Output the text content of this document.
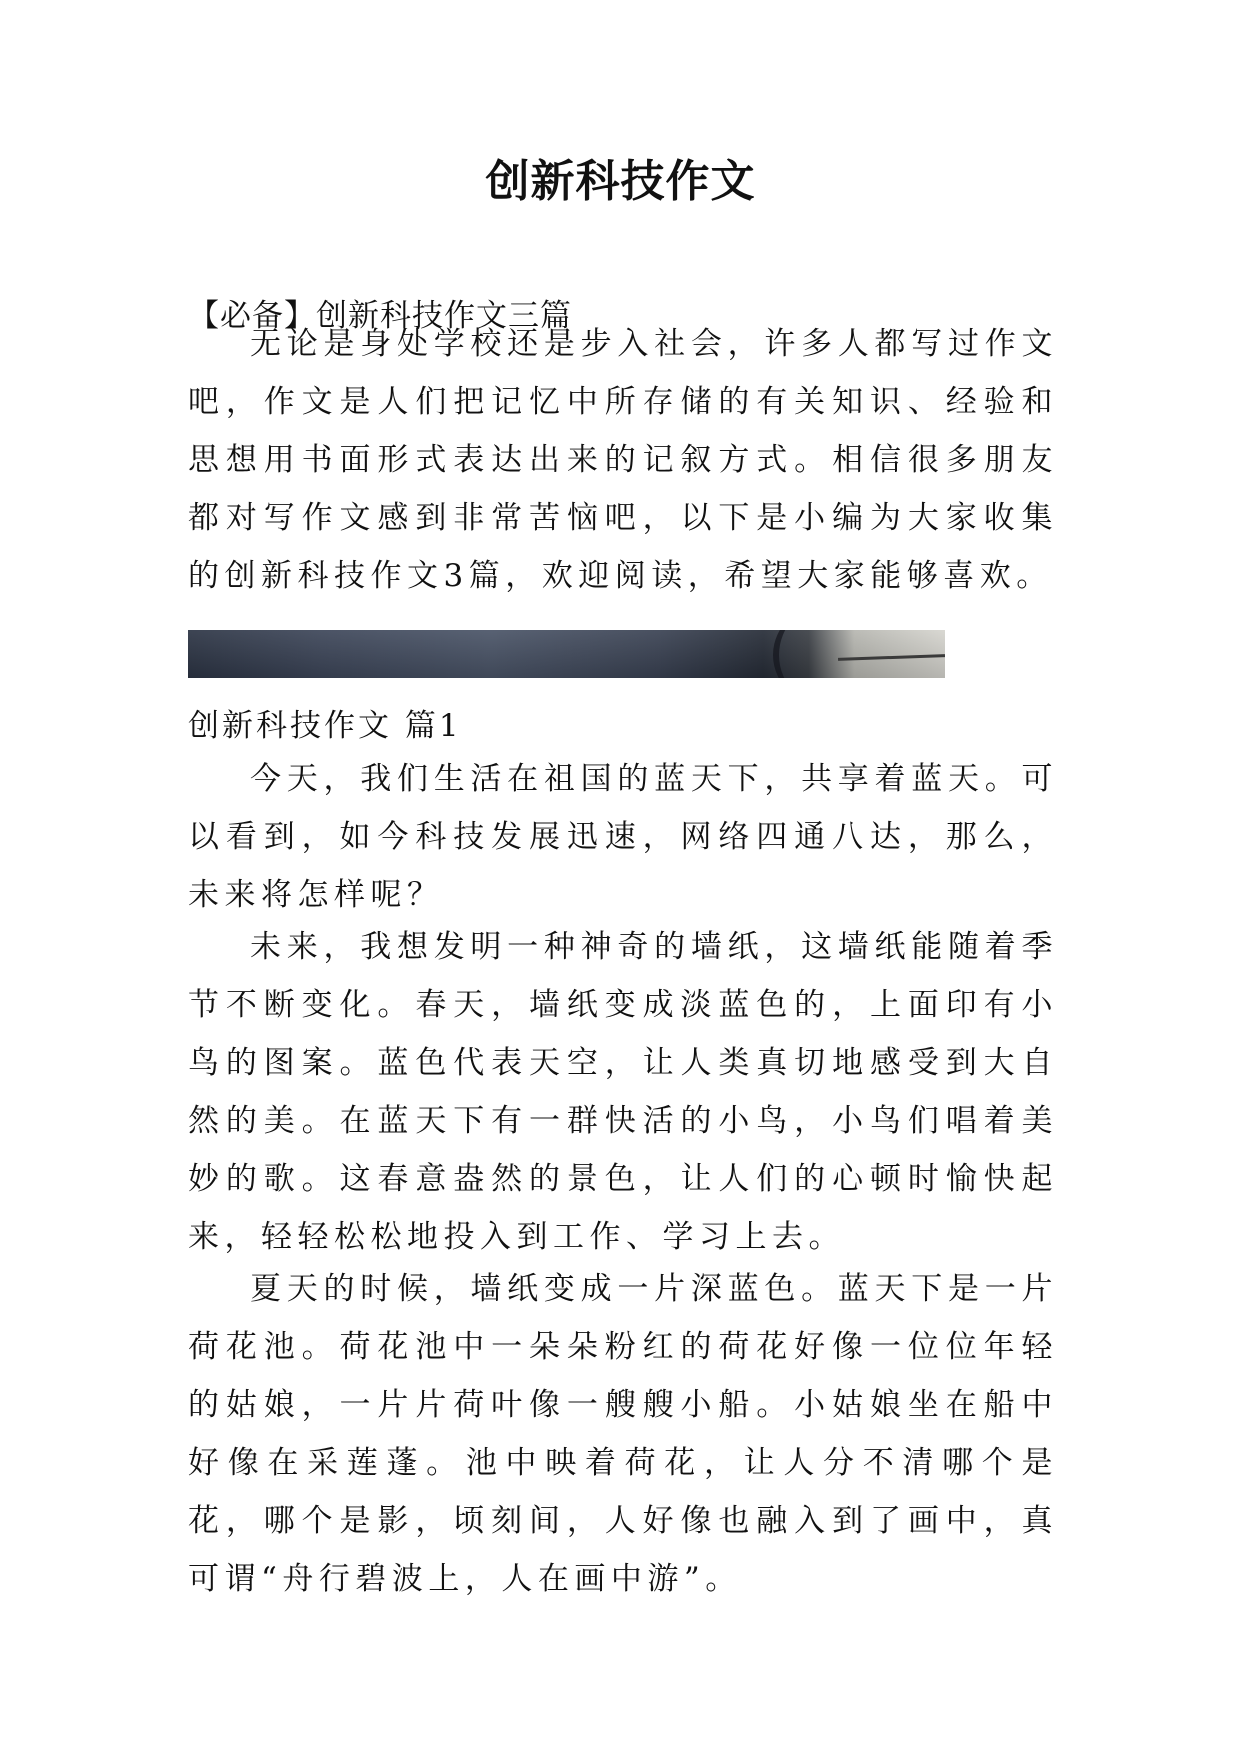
创新科技作文

【必备】创新科技作文三篇

无论是身处学校还是步入社会，许多人都写过作文吧，作文是人们把记忆中所存储的有关知识、经验和思想用书面形式表达出来的记叙方式。相信很多朋友都对写作文感到非常苦恼吧，以下是小编为大家收集的创新科技作文3篇，欢迎阅读，希望大家能够喜欢。

创新科技作文 篇1

今天，我们生活在祖国的蓝天下，共享着蓝天。可以看到，如今科技发展迅速，网络四通八达，那么，未来将怎样呢？

未来，我想发明一种神奇的墙纸，这墙纸能随着季节不断变化。春天，墙纸变成淡蓝色的，上面印有小鸟的图案。蓝色代表天空，让人类真切地感受到大自然的美。在蓝天下有一群快活的小鸟，小鸟们唱着美妙的歌。这春意盎然的景色，让人们的心顿时愉快起来，轻轻松松地投入到工作、学习上去。

夏天的时候，墙纸变成一片深蓝色。蓝天下是一片荷花池。荷花池中一朵朵粉红的荷花好像一位位年轻的姑娘，一片片荷叶像一艘艘小船。小姑娘坐在船中好像在采莲蓬。池中映着荷花，让人分不清哪个是花，哪个是影，顷刻间，人好像也融入到了画中，真可谓“舟行碧波上，人在画中游”。
